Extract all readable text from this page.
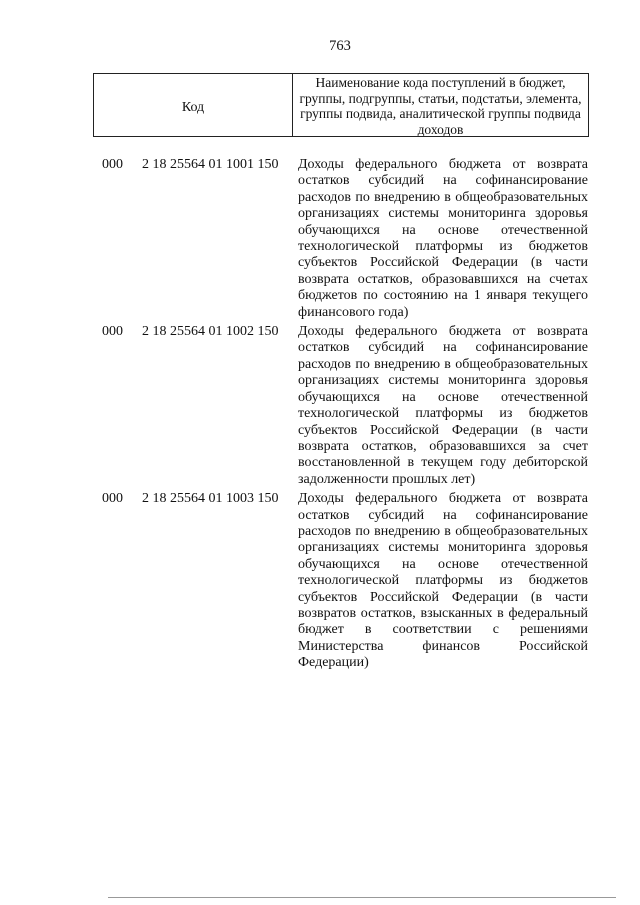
763
Код
Наименование кода поступлений в бюджет, группы, подгруппы, статьи, подстатьи, элемента, группы подвида, аналитической группы подвида доходов
000 2 18 25564 01 1001 150 Доходы федерального бюджета от возврата остатков субсидий на софинансирование расходов по внедрению в общеобразовательных организациях системы мониторинга здоровья обучающихся на основе отечественной технологической платформы из бюджетов субъектов Российской Федерации (в части возврата остатков, образовавшихся на счетах бюджетов по состоянию на 1 января текущего финансового года)
000 2 18 25564 01 1002 150 Доходы федерального бюджета от возврата остатков субсидий на софинансирование расходов по внедрению в общеобразовательных организациях системы мониторинга здоровья обучающихся на основе отечественной технологической платформы из бюджетов субъектов Российской Федерации (в части возврата остатков, образовавшихся за счет восстановленной в текущем году дебиторской задолженности прошлых лет)
000 2 18 25564 01 1003 150 Доходы федерального бюджета от возврата остатков субсидий на софинансирование расходов по внедрению в общеобразовательных организациях системы мониторинга здоровья обучающихся на основе отечественной технологической платформы из бюджетов субъектов Российской Федерации (в части возвратов остатков, взысканных в федеральный бюджет в соответствии с решениями Министерства финансов Российской Федерации)
